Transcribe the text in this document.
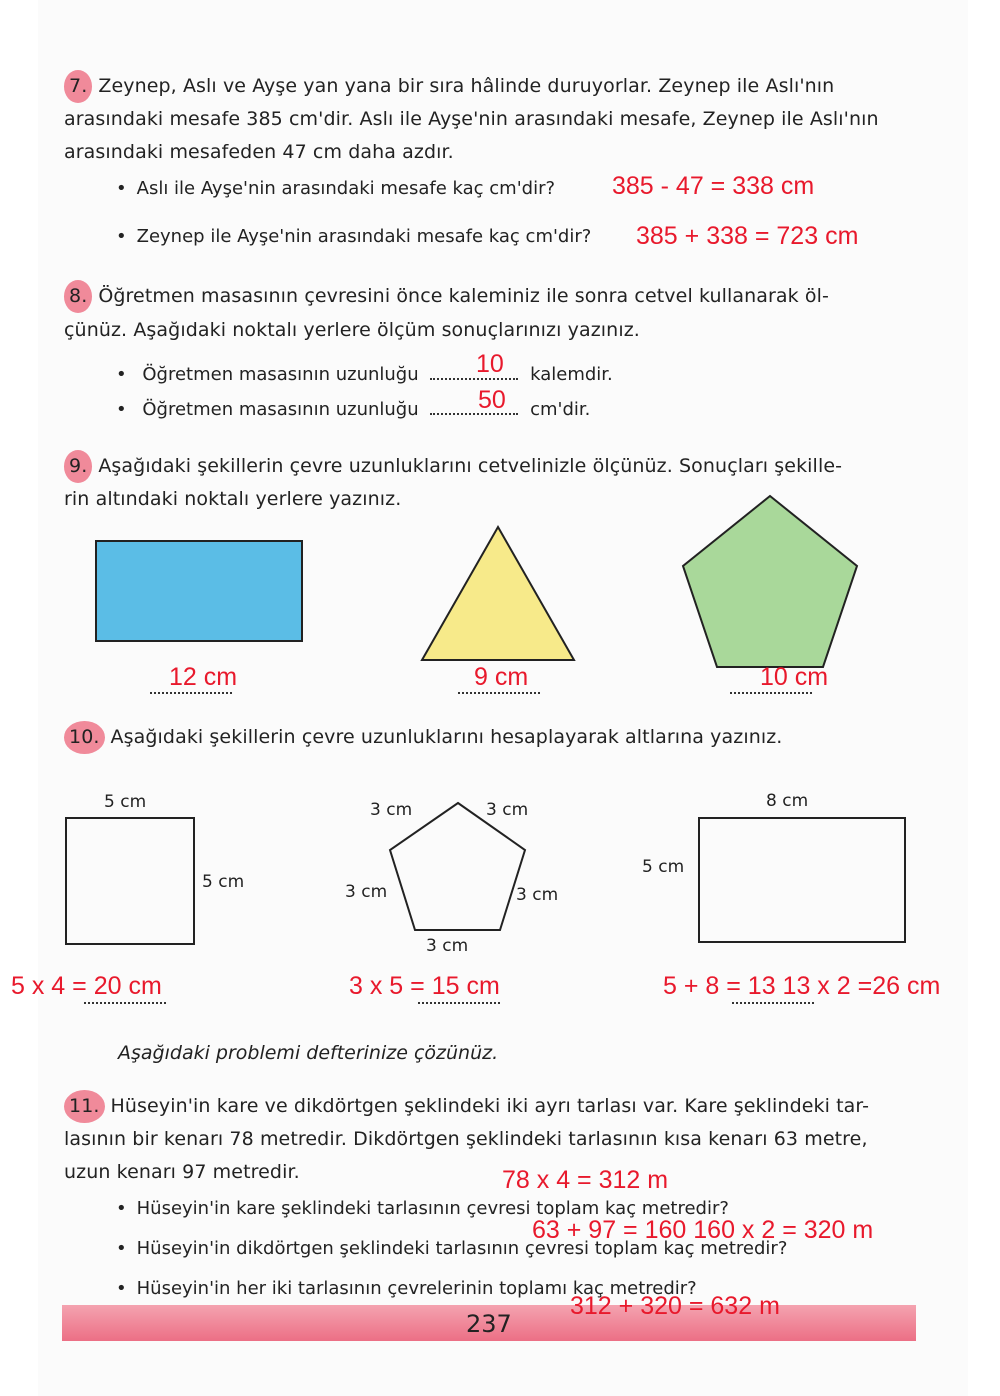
7. Zeynep, Aslı ve Ayşe yan yana bir sıra hâlinde duruyorlar. Zeynep ile Aslı'nın
arasındaki mesafe 385 cm'dir. Aslı ile Ayşe'nin arasındaki mesafe, Zeynep ile Aslı'nın
arasındaki mesafeden 47 cm daha azdır.
• Aslı ile Ayşe'nin arasındaki mesafe kaç cm'dir? 385 - 47 = 338 cm
• Zeynep ile Ayşe'nin arasındaki mesafe kaç cm'dir? 385 + 338 = 723 cm
8. Öğretmen masasının çevresini önce kaleminiz ile sonra cetvel kullanarak öl-
çünüz. Aşağıdaki noktalı yerlere ölçüm sonuçlarınızı yazınız.
• Öğretmen masasının uzunluğu	kalemdir.
10
• Öğretmen masasının uzunluğu	cm'dir.
50
9. Aşağıdaki şekillerin çevre uzunluklarını cetvelinizle ölçünüz. Sonuçları şekille-
rin altındaki noktalı yerlere yazınız.
12 cm	9 cm	10 cm
10. Aşağıdaki şekillerin çevre uzunluklarını hesaplayarak altlarına yazınız.
5 cm
5 cm
3 cm	3 cm
3 cm	3 cm
3 cm
8 cm
5 cm
5 x 4 = 20 cm	3 x 5 = 15 cm	5 + 8 = 13 13 x 2 =26 cm
Aşağıdaki problemi defterinize çözünüz.
11. Hüseyin'in kare ve dikdörtgen şeklindeki iki ayrı tarlası var. Kare şeklindeki tar-
lasının bir kenarı 78 metredir. Dikdörtgen şeklindeki tarlasının kısa kenarı 63 metre,
uzun kenarı 97 metredir.	78 x 4 = 312 m
• Hüseyin'in kare şeklindeki tarlasının çevresi toplam kaç metredir?
63 + 97 = 160 160 x 2 = 320 m
• Hüseyin'in dikdörtgen şeklindeki tarlasının çevresi toplam kaç metredir?
• Hüseyin'in her iki tarlasının çevrelerinin toplamı kaç metredir?
237
312 + 320 = 632 m
